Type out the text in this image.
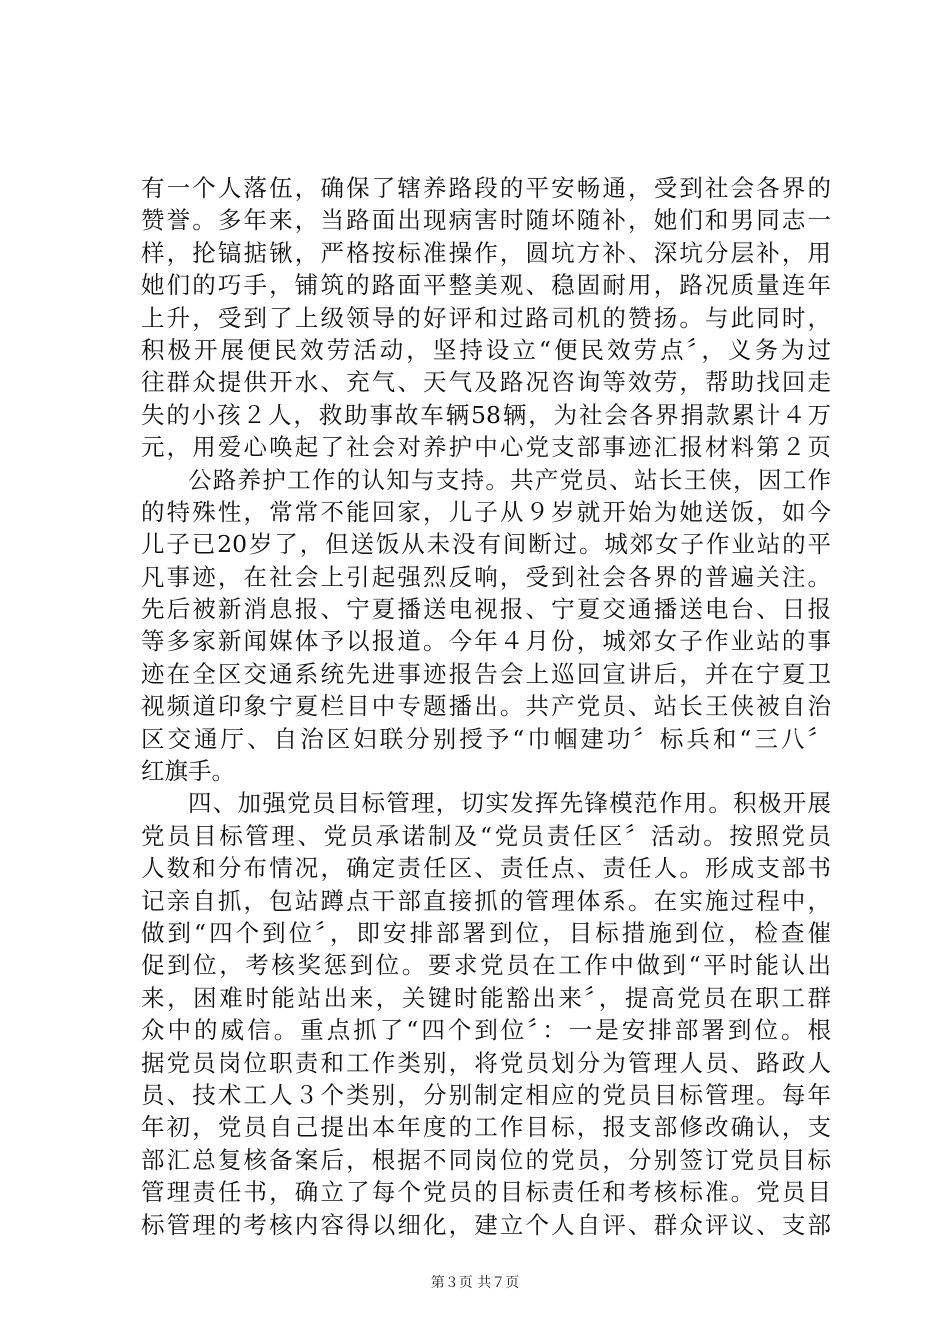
有一个人落伍，确保了辖养路段的平安畅通，受到社会各界的
赞誉。多年来，当路面出现病害时随坏随补，她们和男同志一
样，抡镐掂锹，严格按标准操作，圆坑方补、深坑分层补，用
她们的巧手，铺筑的路面平整美观、稳固耐用，路况质量连年
上升，受到了上级领导的好评和过路司机的赞扬。与此同时，
积极开展便民效劳活动，坚持设立“便民效劳点〞，义务为过
往群众提供开水、充气、天气及路况咨询等效劳，帮助找回走
失的小孩２人，救助事故车辆58辆，为社会各界捐款累计４万
元，用爱心唤起了社会对养护中心党支部事迹汇报材料第２页
公路养护工作的认知与支持。共产党员、站长王侠，因工作
的特殊性，常常不能回家，儿子从９岁就开始为她送饭，如今
儿子已20岁了，但送饭从未没有间断过。城郊女子作业站的平
凡事迹，在社会上引起强烈反响，受到社会各界的普遍关注。
先后被新消息报、宁夏播送电视报、宁夏交通播送电台、日报
等多家新闻媒体予以报道。今年４月份，城郊女子作业站的事
迹在全区交通系统先进事迹报告会上巡回宣讲后，并在宁夏卫
视频道印象宁夏栏目中专题播出。共产党员、站长王侠被自治
区交通厅、自治区妇联分别授予“巾帼建功〞标兵和“三八〞
红旗手。
四、加强党员目标管理，切实发挥先锋模范作用。积极开展
党员目标管理、党员承诺制及“党员责任区〞活动。按照党员
人数和分布情况，确定责任区、责任点、责任人。形成支部书
记亲自抓，包站蹲点干部直接抓的管理体系。在实施过程中，
做到“四个到位〞，即安排部署到位，目标措施到位，检查催
促到位，考核奖惩到位。要求党员在工作中做到“平时能认出
来，困难时能站出来，关键时能豁出来〞，提高党员在职工群
众中的威信。重点抓了“四个到位〞：一是安排部署到位。根
据党员岗位职责和工作类别，将党员划分为管理人员、路政人
员、技术工人３个类别，分别制定相应的党员目标管理。每年
年初，党员自己提出本年度的工作目标，报支部修改确认，支
部汇总复核备案后，根据不同岗位的党员，分别签订党员目标
管理责任书，确立了每个党员的目标责任和考核标准。党员目
标管理的考核内容得以细化，建立个人自评、群众评议、支部
第３页 共７页
